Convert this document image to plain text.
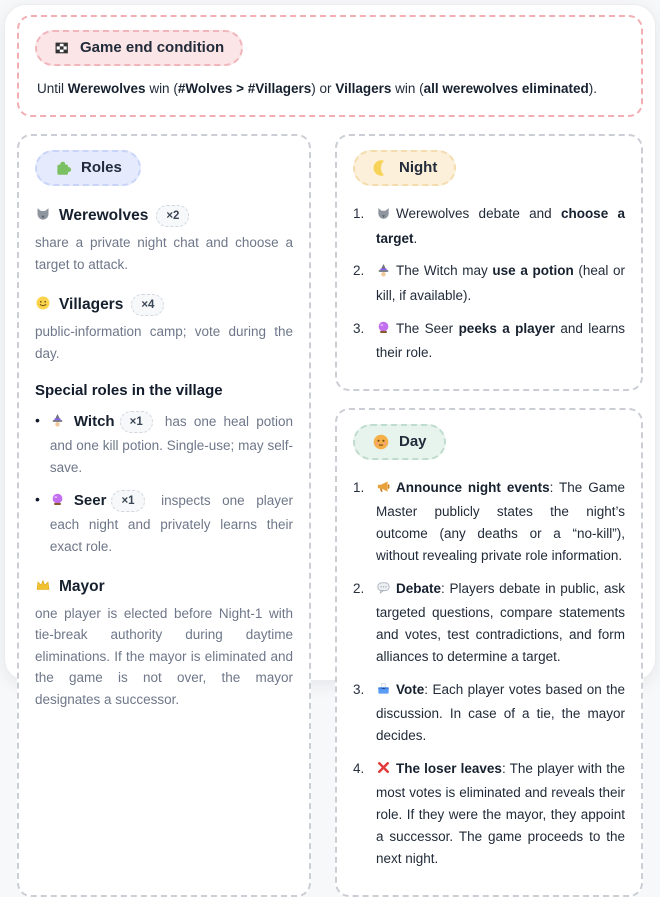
Game end condition

Until Werewolves win (#Wolves > #Villagers) or Villagers win (all werewolves eliminated).

Roles
Werewolves	×2

share a private night chat and choose a target to attack.

Villagers	×4

public-information camp; vote during the day.

Special roles in the village
•	Witch ×1 has one heal potion and one kill potion. Single-use; may self-save.
•	Seer ×1 inspects one player each night and privately learns their exact role.
Mayor

one player is elected before Night-1 with tie-break authority during daytime eliminations. If the mayor is eliminated and the game is not over, the mayor designates a successor.

Night
1.	Werewolves debate and choose a target.
2.	The Witch may use a potion (heal or kill, if available).
3.	The Seer peeks a player and learns their role.
Day
1.	Announce night events: The Game Master publicly states the night’s outcome (any deaths or a “no-kill”), without revealing private role information.
2.	Debate: Players debate in public, ask targeted questions, compare statements and votes, test contradictions, and form alliances to determine a target.
3.	Vote: Each player votes based on the discussion. In case of a tie, the mayor decides.
4.	The loser leaves: The player with the most votes is eliminated and reveals their role. If they were the mayor, they appoint a successor. The game proceeds to the next night.
